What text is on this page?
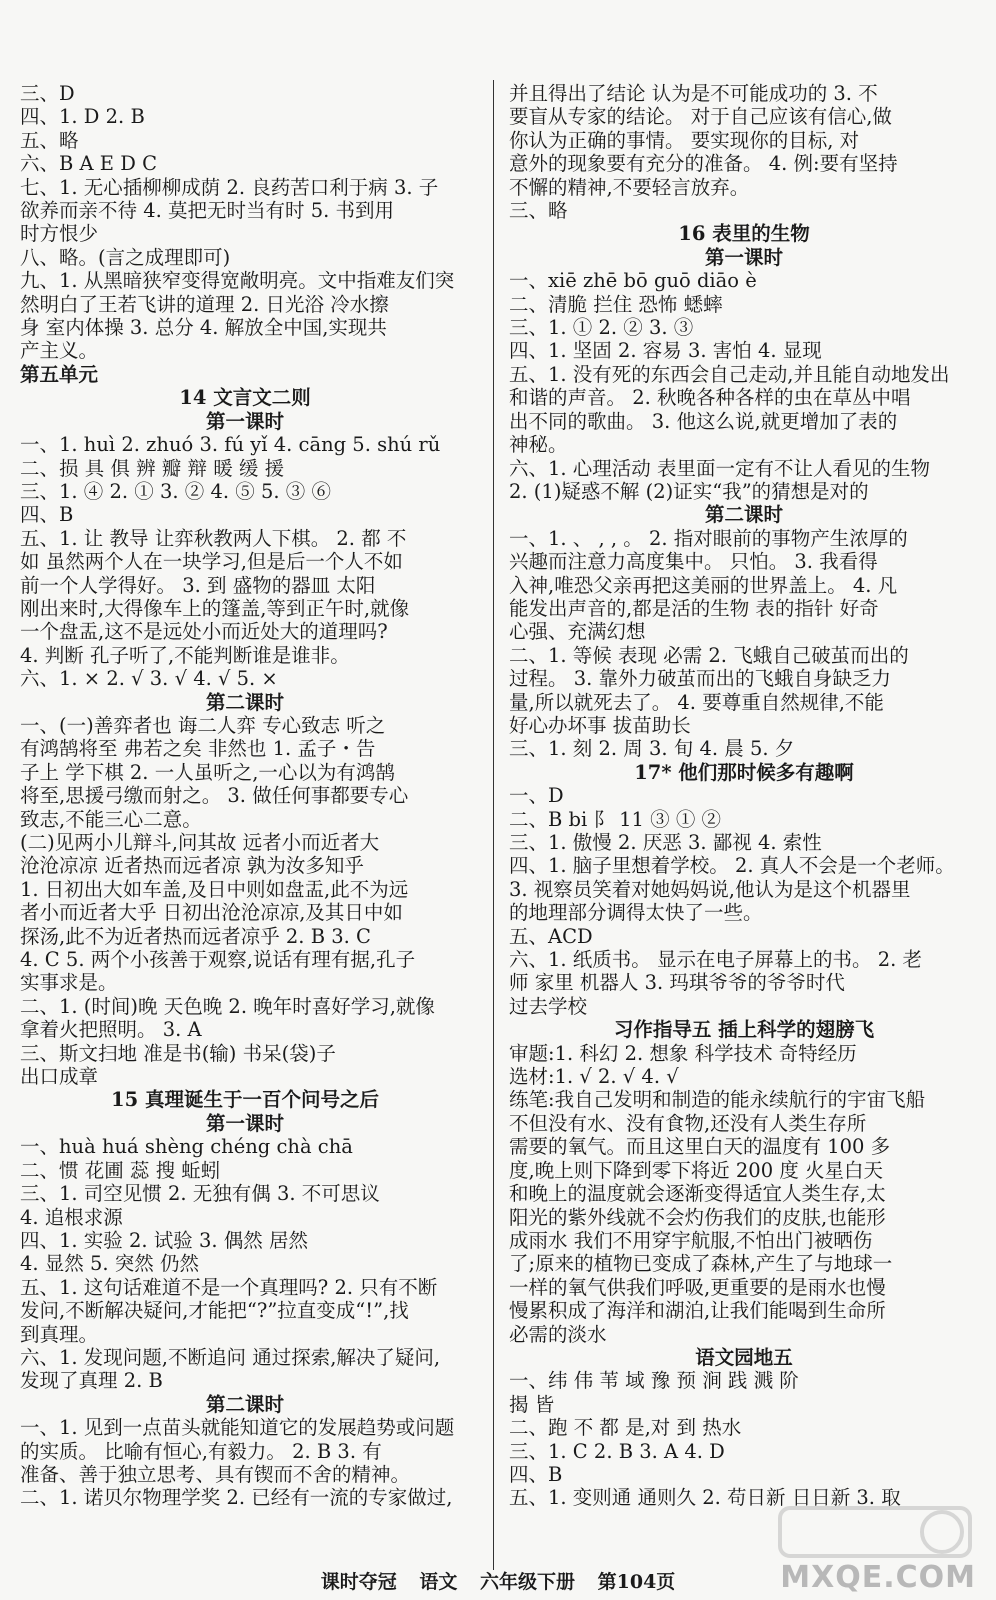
三、D
四、1. D 2. B
五、略
六、B A E D C
七、1. 无心插柳柳成荫 2. 良药苦口利于病 3. 子
欲养而亲不待 4. 莫把无时当有时 5. 书到用
时方恨少
八、略。(言之成理即可)
九、1. 从黑暗狭窄变得宽敞明亮。文中指难友们突
然明白了王若飞讲的道理 2. 日光浴 冷水擦
身 室内体操 3. 总分 4. 解放全中国,实现共
产主义。
第五单元
14 文言文二则
第一课时
一、1. huì 2. zhuó 3. fú yǐ 4. cāng 5. shú rǔ
二、损 具 俱 辨 瓣 辩 暖 缓 援
三、1. ④ 2. ① 3. ② 4. ⑤ 5. ③ ⑥
四、B
五、1. 让 教导 让弈秋教两人下棋。 2. 都 不
如 虽然两个人在一块学习,但是后一个人不如
前一个人学得好。 3. 到 盛物的器皿 太阳
刚出来时,大得像车上的篷盖,等到正午时,就像
一个盘盂,这不是远处小而近处大的道理吗?
4. 判断 孔子听了,不能判断谁是谁非。
六、1. × 2. √ 3. √ 4. √ 5. ×
第二课时
一、(一)善弈者也 诲二人弈 专心致志 听之
有鸿鹄将至 弗若之矣 非然也 1. 孟子・告
子上 学下棋 2. 一人虽听之,一心以为有鸿鹄
将至,思援弓缴而射之。 3. 做任何事都要专心
致志,不能三心二意。
(二)见两小儿辩斗,问其故 远者小而近者大
沧沧凉凉 近者热而远者凉 孰为汝多知乎
1. 日初出大如车盖,及日中则如盘盂,此不为远
者小而近者大乎 日初出沧沧凉凉,及其日中如
探汤,此不为近者热而远者凉乎 2. B 3. C
4. C 5. 两个小孩善于观察,说话有理有据,孔子
实事求是。
二、1. (时间)晚 天色晚 2. 晚年时喜好学习,就像
拿着火把照明。 3. A
三、斯文扫地 准是书(输) 书呆(袋)子
出口成章
15 真理诞生于一百个问号之后
第一课时
一、huà huá shèng chéng chà chā
二、惯 花圃 蕊 搜 蚯蚓
三、1. 司空见惯 2. 无独有偶 3. 不可思议
4. 追根求源
四、1. 实验 2. 试验 3. 偶然 居然
4. 显然 5. 突然 仍然
五、1. 这句话难道不是一个真理吗? 2. 只有不断
发问,不断解决疑问,才能把“?”拉直变成“!”,找
到真理。
六、1. 发现问题,不断追问 通过探索,解决了疑问,
发现了真理 2. B
第二课时
一、1. 见到一点苗头就能知道它的发展趋势或问题
的实质。 比喻有恒心,有毅力。 2. B 3. 有
准备、善于独立思考、具有锲而不舍的精神。
二、1. 诺贝尔物理学奖 2. 已经有一流的专家做过,
并且得出了结论 认为是不可能成功的 3. 不
要盲从专家的结论。 对于自己应该有信心,做
你认为正确的事情。 要实现你的目标, 对
意外的现象要有充分的准备。 4. 例:要有坚持
不懈的精神,不要轻言放弃。
三、略
16 表里的生物
第一课时
一、xiē zhē bō guō diāo è
二、清脆 拦住 恐怖 蟋蟀
三、1. ① 2. ② 3. ③
四、1. 坚固 2. 容易 3. 害怕 4. 显现
五、1. 没有死的东西会自己走动,并且能自动地发出
和谐的声音。 2. 秋晚各种各样的虫在草丛中唱
出不同的歌曲。 3. 他这么说,就更增加了表的
神秘。
六、1. 心理活动 表里面一定有不让人看见的生物
2. (1)疑惑不解 (2)证实“我”的猜想是对的
第二课时
一、1. 、 , , 。 2. 指对眼前的事物产生浓厚的
兴趣而注意力高度集中。 只怕。 3. 我看得
入神,唯恐父亲再把这美丽的世界盖上。 4. 凡
能发出声音的,都是活的生物 表的指针 好奇
心强、充满幻想
二、1. 等候 表现 必需 2. 飞蛾自己破茧而出的
过程。 3. 靠外力破茧而出的飞蛾自身缺乏力
量,所以就死去了。 4. 要尊重自然规律,不能
好心办坏事 拔苗助长
三、1. 刻 2. 周 3. 旬 4. 晨 5. 夕
17* 他们那时候多有趣啊
一、D
二、B bi 阝 11 ③ ① ②
三、1. 傲慢 2. 厌恶 3. 鄙视 4. 索性
四、1. 脑子里想着学校。 2. 真人不会是一个老师。
3. 视察员笑着对她妈妈说,他认为是这个机器里
的地理部分调得太快了一些。
五、ACD
六、1. 纸质书。 显示在电子屏幕上的书。 2. 老
师 家里 机器人 3. 玛琪爷爷的爷爷时代
过去学校
习作指导五 插上科学的翅膀飞
审题:1. 科幻 2. 想象 科学技术 奇特经历
选材:1. √ 2. √ 4. √
练笔:我自己发明和制造的能永续航行的宇宙飞船
不但没有水、没有食物,还没有人类生存所
需要的氧气。而且这里白天的温度有 100 多
度,晚上则下降到零下将近 200 度 火星白天
和晚上的温度就会逐渐变得适宜人类生存,太
阳光的紫外线就不会灼伤我们的皮肤,也能形
成雨水 我们不用穿宇航服,不怕出门被晒伤
了;原来的植物已变成了森林,产生了与地球一
一样的氧气供我们呼吸,更重要的是雨水也慢
慢累积成了海洋和湖泊,让我们能喝到生命所
必需的淡水
语文园地五
一、纬 伟 苇 域 豫 预 涧 践 溅 阶
揭 皆
二、跑 不 都 是,对 到 热水
三、1. C 2. B 3. A 4. D
四、B
五、1. 变则通 通则久 2. 苟日新 日日新 3. 取
课时夺冠 语文 六年级下册 第104页	MXQE.COM
